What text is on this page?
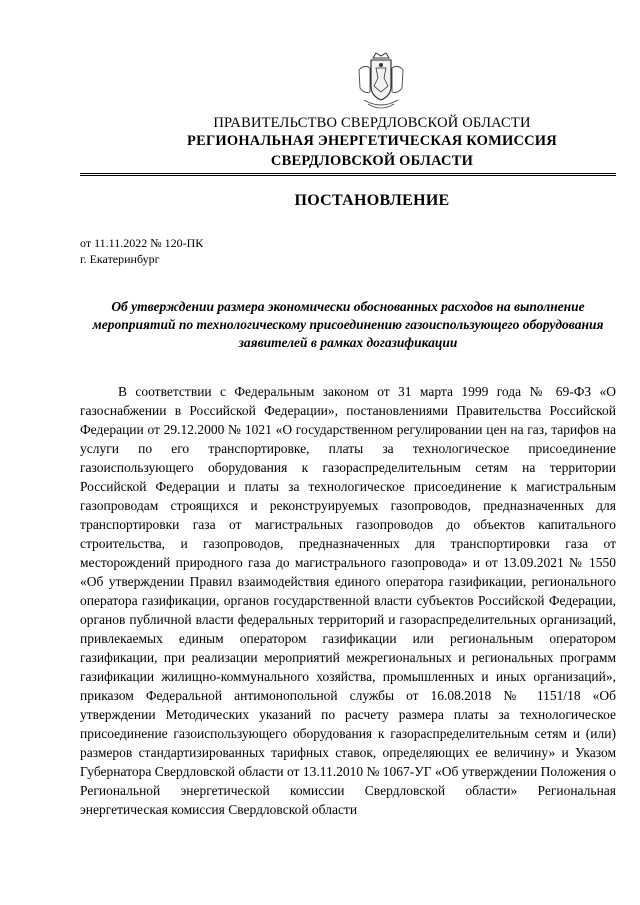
ПРАВИТЕЛЬСТВО СВЕРДЛОВСКОЙ ОБЛАСТИ

РЕГИОНАЛЬНАЯ ЭНЕРГЕТИЧЕСКАЯ КОМИССИЯ

СВЕРДЛОВСКОЙ ОБЛАСТИ

ПОСТАНОВЛЕНИЕ

от 11.11.2022 № 120-ПК

г. Екатеринбург

Об утверждении размера экономически обоснованных расходов на выполнение мероприятий по технологическому присоединению газоиспользующего оборудования заявителей в рамках догазификации

В соответствии с Федеральным законом от 31 марта 1999 года № 69-ФЗ «О газоснабжении в Российской Федерации», постановлениями Правительства Российской Федерации от 29.12.2000 № 1021 «О государственном регулировании цен на газ, тарифов на услуги по его транспортировке, платы за технологическое присоединение газоиспользующего оборудования к газораспределительным сетям на территории Российской Федерации и платы за технологическое присоединение к магистральным газопроводам строящихся и реконструируемых газопроводов, предназначенных для транспортировки газа от магистральных газопроводов до объектов капитального строительства, и газопроводов, предназначенных для транспортировки газа от месторождений природного газа до магистрального газопровода» и от 13.09.2021 № 1550 «Об утверждении Правил взаимодействия единого оператора газификации, регионального оператора газификации, органов государственной власти субъектов Российской Федерации, органов публичной власти федеральных территорий и газораспределительных организаций, привлекаемых единым оператором газификации или региональным оператором газификации, при реализации мероприятий межрегиональных и региональных программ газификации жилищно-коммунального хозяйства, промышленных и иных организаций», приказом Федеральной антимонопольной службы от 16.08.2018 № 1151/18 «Об утверждении Методических указаний по расчету размера платы за технологическое присоединение газоиспользующего оборудования к газораспределительным сетям и (или) размеров стандартизированных тарифных ставок, определяющих ее величину» и Указом Губернатора Свердловской области от 13.11.2010 № 1067-УГ «Об утверждении Положения о Региональной энергетической комиссии Свердловской области» Региональная энергетическая комиссия Свердловской области
